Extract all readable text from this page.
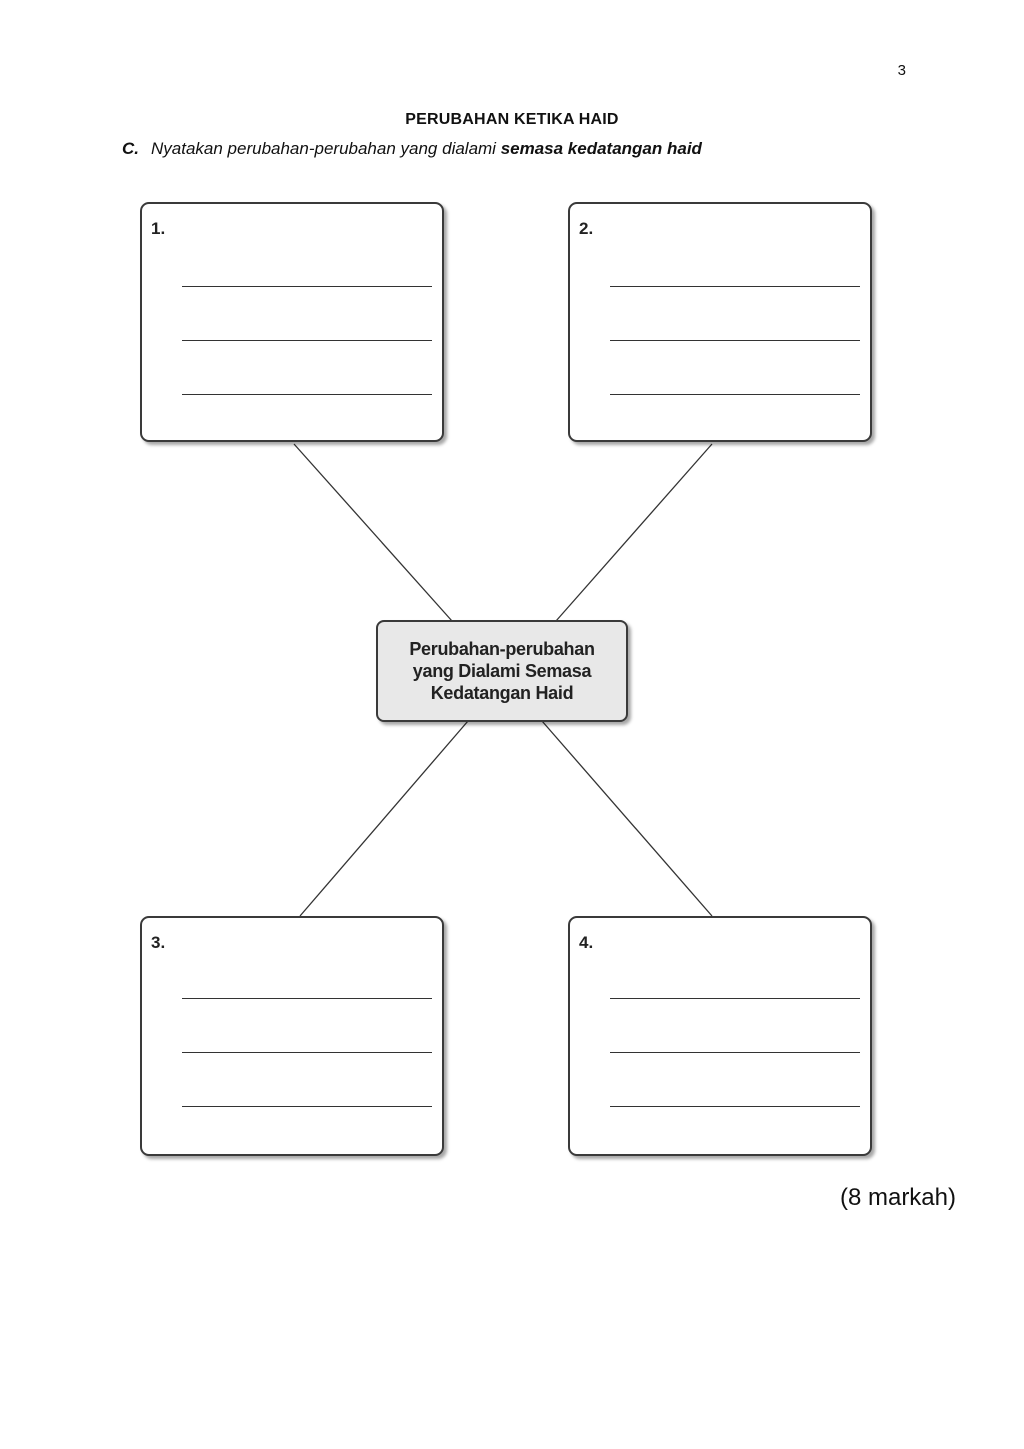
3
PERUBAHAN KETIKA HAID
C. Nyatakan perubahan-perubahan yang dialami semasa kedatangan haid
1.	2.
Perubahan-perubahan
yang Dialami Semasa
Kedatangan Haid
3.	4.
(8 markah)
